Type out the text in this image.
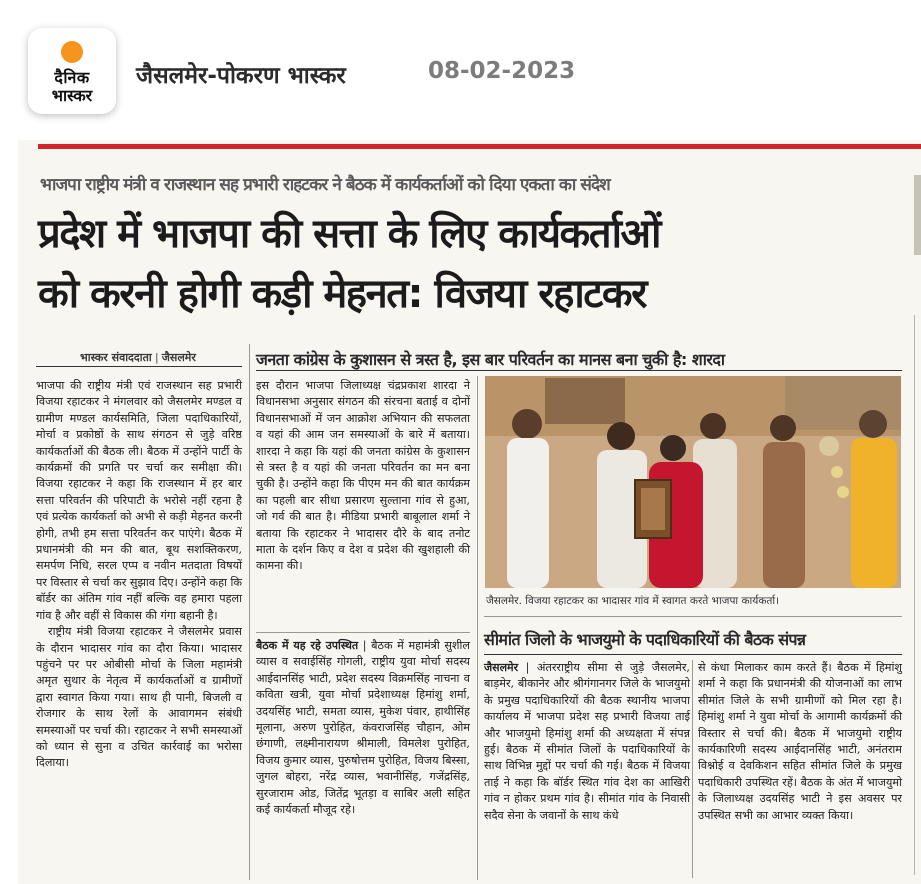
दैनिक
भास्कर
जैसलमेर-पोकरण भास्कर	08-02-2023
भाजपा राष्ट्रीय मंत्री व राजस्थान सह प्रभारी राहटकर ने बैठक में कार्यकर्ताओं को दिया एकता का संदेश
प्रदेश में भाजपा की सत्ता के लिए कार्यकर्ताओं
को करनी होगी कड़ी मेहनत: विजया रहाटकर
भास्कर संवाददाता | जैसलमेर	जनता कांग्रेस के कुशासन से त्रस्त है, इस बार परिवर्तन का मानस बना चुकी है: शारदा

भाजपा की राष्ट्रीय मंत्री एवं राजस्थान सह प्रभारी विजया रहाटकर ने मंगलवार को जैसलमेर मण्डल व ग्रामीण मण्डल कार्यसमिति, जिला पदाधिकारियों, मोर्चा व प्रकोष्ठों के साथ संगठन से जुड़े वरिष्ठ कार्यकर्ताओं की बैठक ली। बैठक में उन्होंने पार्टी के कार्यक्रमों की प्रगति पर चर्चा कर समीक्षा की। विजया रहाटकर ने कहा कि राजस्थान में हर बार सत्ता परिवर्तन की परिपाटी के भरोसे नहीं रहना है एवं प्रत्येक कार्यकर्ता को अभी से कड़ी मेहनत करनी होगी, तभी हम सत्ता परिवर्तन कर पाएंगे। बैठक में प्रधानमंत्री की मन की बात, बूथ सशक्तिकरण, समर्पण निधि, सरल एप्प व नवीन मतदाता विषयों पर विस्तार से चर्चा कर सुझाव दिए। उन्होंने कहा कि बॉर्डर का अंतिम गांव नहीं बल्कि वह हमारा पहला गांव है और वहीं से विकास की गंगा बहानी है।

राष्ट्रीय मंत्री विजया रहाटकर ने जैसलमेर प्रवास के दौरान भादासर गांव का दौरा किया। भादासर पहुंचने पर पर ओबीसी मोर्चा के जिला महामंत्री अमृत सुथार के नेतृत्व में कार्यकर्ताओं व ग्रामीणों द्वारा स्वागत किया गया। साथ ही पानी, बिजली व रोजगार के साथ रेलों के आवागमन संबंधी समस्याओं पर चर्चा की। रहाटकर ने सभी समस्याओं को ध्यान से सुना व उचित कार्रवाई का भरोसा दिलाया।

इस दौरान भाजपा जिलाध्यक्ष चंद्रप्रकाश शारदा ने विधानसभा अनुसार संगठन की संरचना बताई व दोनों विधानसभाओं में जन आक्रोश अभियान की सफलता व यहां की आम जन समस्याओं के बारे में बताया। शारदा ने कहा कि यहां की जनता कांग्रेस के कुशासन से त्रस्त है व यहां की जनता परिवर्तन का मन बना चुकी है। उन्होंने कहा कि पीएम मन की बात कार्यक्रम का पहली बार सीधा प्रसारण सुल्ताना गांव से हुआ, जो गर्व की बात है। मीडिया प्रभारी बाबूलाल शर्मा ने बताया कि रहाटकर ने भादासर दौरे के बाद तनोट माता के दर्शन किए व देश व प्रदेश की खुशहाली की कामना की।

बैठक में यह रहे उपस्थित | बैठक में महामंत्री सुशील व्यास व सवाईसिंह गोगली, राष्ट्रीय युवा मोर्चा सदस्य आईदानसिंह भाटी, प्रदेश सदस्य विक्रमसिंह नाचना व कविता खत्री, युवा मोर्चा प्रदेशाध्यक्ष हिमांशु शर्मा, उदयसिंह भाटी, समता व्यास, मुकेश पंवार, हाथीसिंह मूलाना, अरुण पुरोहित, कंवराजसिंह चौहान, ओम छंगाणी, लक्ष्मीनारायण श्रीमाली, विमलेश पुरोहित, विजय कुमार व्यास, पुरुषोत्तम पुरोहित, विजय बिस्सा, जुगल बोहरा, नरेंद्र व्यास, भवानीसिंह, गजेंद्रसिंह, सुरजाराम ओड, जितेंद्र भूतड़ा व साबिर अली सहित कई कार्यकर्ता मौजूद रहे।

जैसलमेर. विजया रहाटकर का भादासर गांव में स्वागत करते भाजपा कार्यकर्ता।
सीमांत जिलो के भाजयुमो के पदाधिकारियों की बैठक संपन्न

जैसलमेर | अंतरराष्ट्रीय सीमा से जुड़े जैसलमेर, बाड़मेर, बीकानेर और श्रीगंगानगर जिले के भाजयुमो के प्रमुख पदाधिकारियों की बैठक स्थानीय भाजपा कार्यालय में भाजपा प्रदेश सह प्रभारी विजया ताई और भाजयुमो हिमांशु शर्मा की अध्यक्षता में संपन्न हुई। बैठक में सीमांत जिलों के पदाधिकारियों के साथ विभिन्न मुद्दों पर चर्चा की गई। बैठक में विजया ताई ने कहा कि बॉर्डर स्थित गांव देश का आखिरी गांव न होकर प्रथम गांव है। सीमांत गांव के निवासी सदैव सेना के जवानों के साथ कंधे

से कंधा मिलाकर काम करते हैं। बैठक में हिमांशु शर्मा ने कहा कि प्रधानमंत्री की योजनाओं का लाभ सीमांत जिले के सभी ग्रामीणों को मिल रहा है। हिमांशु शर्मा ने युवा मोर्चा के आगामी कार्यक्रमों की विस्तार से चर्चा की। बैठक में भाजयुमो राष्ट्रीय कार्यकारिणी सदस्य आईदानसिंह भाटी, अनंतराम विश्नोई व देवकिशन सहित सीमांत जिले के प्रमुख पदाधिकारी उपस्थित रहें। बैठक के अंत में भाजयुमो के जिलाध्यक्ष उदयसिंह भाटी ने इस अवसर पर उपस्थित सभी का आभार व्यक्त किया।
